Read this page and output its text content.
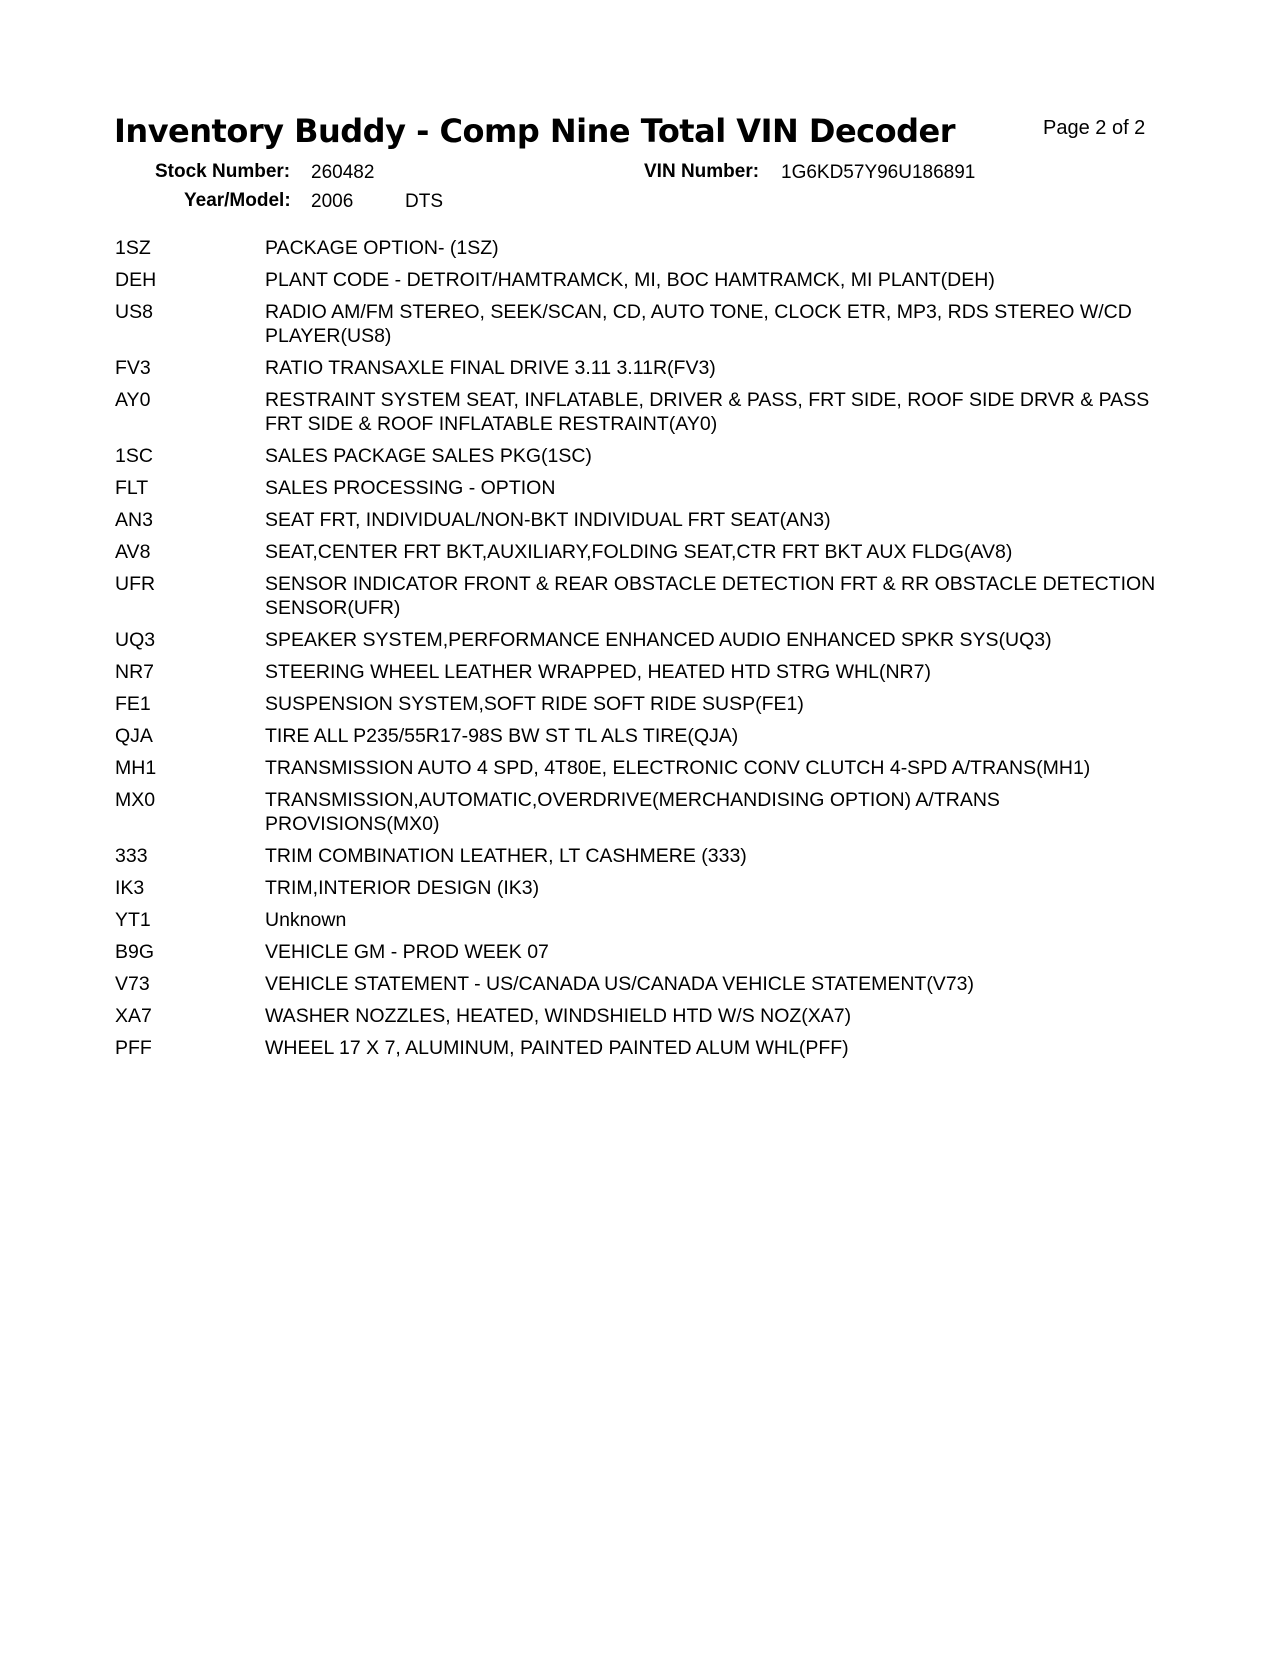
Inventory Buddy - Comp Nine Total VIN Decoder	Page 2 of 2
Stock Number: 260482	VIN Number: 1G6KD57Y96U186891
Year/Model: 2006	DTS
1SZ	PACKAGE OPTION- (1SZ)
DEH	PLANT CODE - DETROIT/HAMTRAMCK, MI, BOC HAMTRAMCK, MI PLANT(DEH)
US8	RADIO AM/FM STEREO, SEEK/SCAN, CD, AUTO TONE, CLOCK ETR, MP3, RDS STEREO W/CD PLAYER(US8)
FV3	RATIO TRANSAXLE FINAL DRIVE 3.11 3.11R(FV3)
AY0	RESTRAINT SYSTEM SEAT, INFLATABLE, DRIVER & PASS, FRT SIDE, ROOF SIDE DRVR & PASS FRT SIDE & ROOF INFLATABLE RESTRAINT(AY0)
1SC	SALES PACKAGE SALES PKG(1SC)
FLT	SALES PROCESSING - OPTION
AN3	SEAT FRT, INDIVIDUAL/NON-BKT INDIVIDUAL FRT SEAT(AN3)
AV8	SEAT,CENTER FRT BKT,AUXILIARY,FOLDING SEAT,CTR FRT BKT AUX FLDG(AV8)
UFR	SENSOR INDICATOR FRONT & REAR OBSTACLE DETECTION FRT & RR OBSTACLE DETECTION SENSOR(UFR)
UQ3	SPEAKER SYSTEM,PERFORMANCE ENHANCED AUDIO ENHANCED SPKR SYS(UQ3)
NR7	STEERING WHEEL LEATHER WRAPPED, HEATED HTD STRG WHL(NR7)
FE1	SUSPENSION SYSTEM,SOFT RIDE SOFT RIDE SUSP(FE1)
QJA	TIRE ALL P235/55R17-98S BW ST TL ALS TIRE(QJA)
MH1	TRANSMISSION AUTO 4 SPD, 4T80E, ELECTRONIC CONV CLUTCH 4-SPD A/TRANS(MH1)
MX0	TRANSMISSION,AUTOMATIC,OVERDRIVE(MERCHANDISING OPTION) A/TRANS PROVISIONS(MX0)
333	TRIM COMBINATION LEATHER, LT CASHMERE (333)
IK3	TRIM,INTERIOR DESIGN (IK3)
YT1	Unknown
B9G	VEHICLE GM - PROD WEEK 07
V73	VEHICLE STATEMENT - US/CANADA US/CANADA VEHICLE STATEMENT(V73)
XA7	WASHER NOZZLES, HEATED, WINDSHIELD HTD W/S NOZ(XA7)
PFF	WHEEL 17 X 7, ALUMINUM, PAINTED PAINTED ALUM WHL(PFF)
